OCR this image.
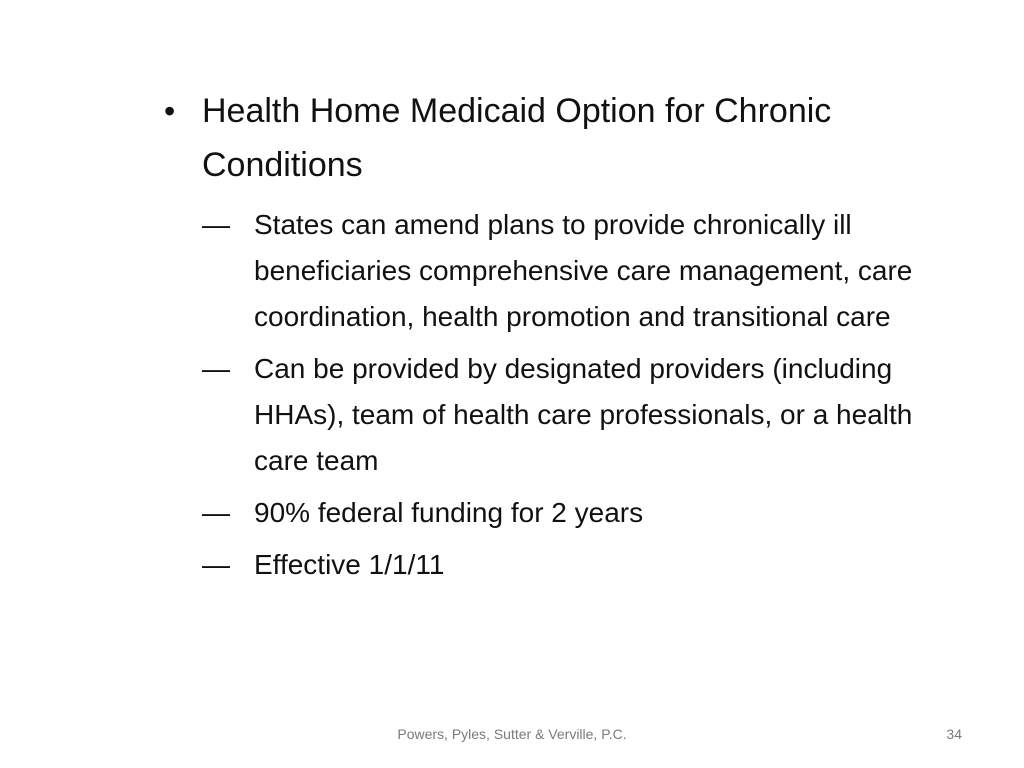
• Health Home Medicaid Option for Chronic Conditions
— States can amend plans to provide chronically ill beneficiaries comprehensive care management, care coordination, health promotion and transitional care
— Can be provided by designated providers (including HHAs), team of health care professionals, or a health care team
— 90% federal funding for 2 years
— Effective 1/1/11
Powers, Pyles, Sutter & Verville, P.C.	34
